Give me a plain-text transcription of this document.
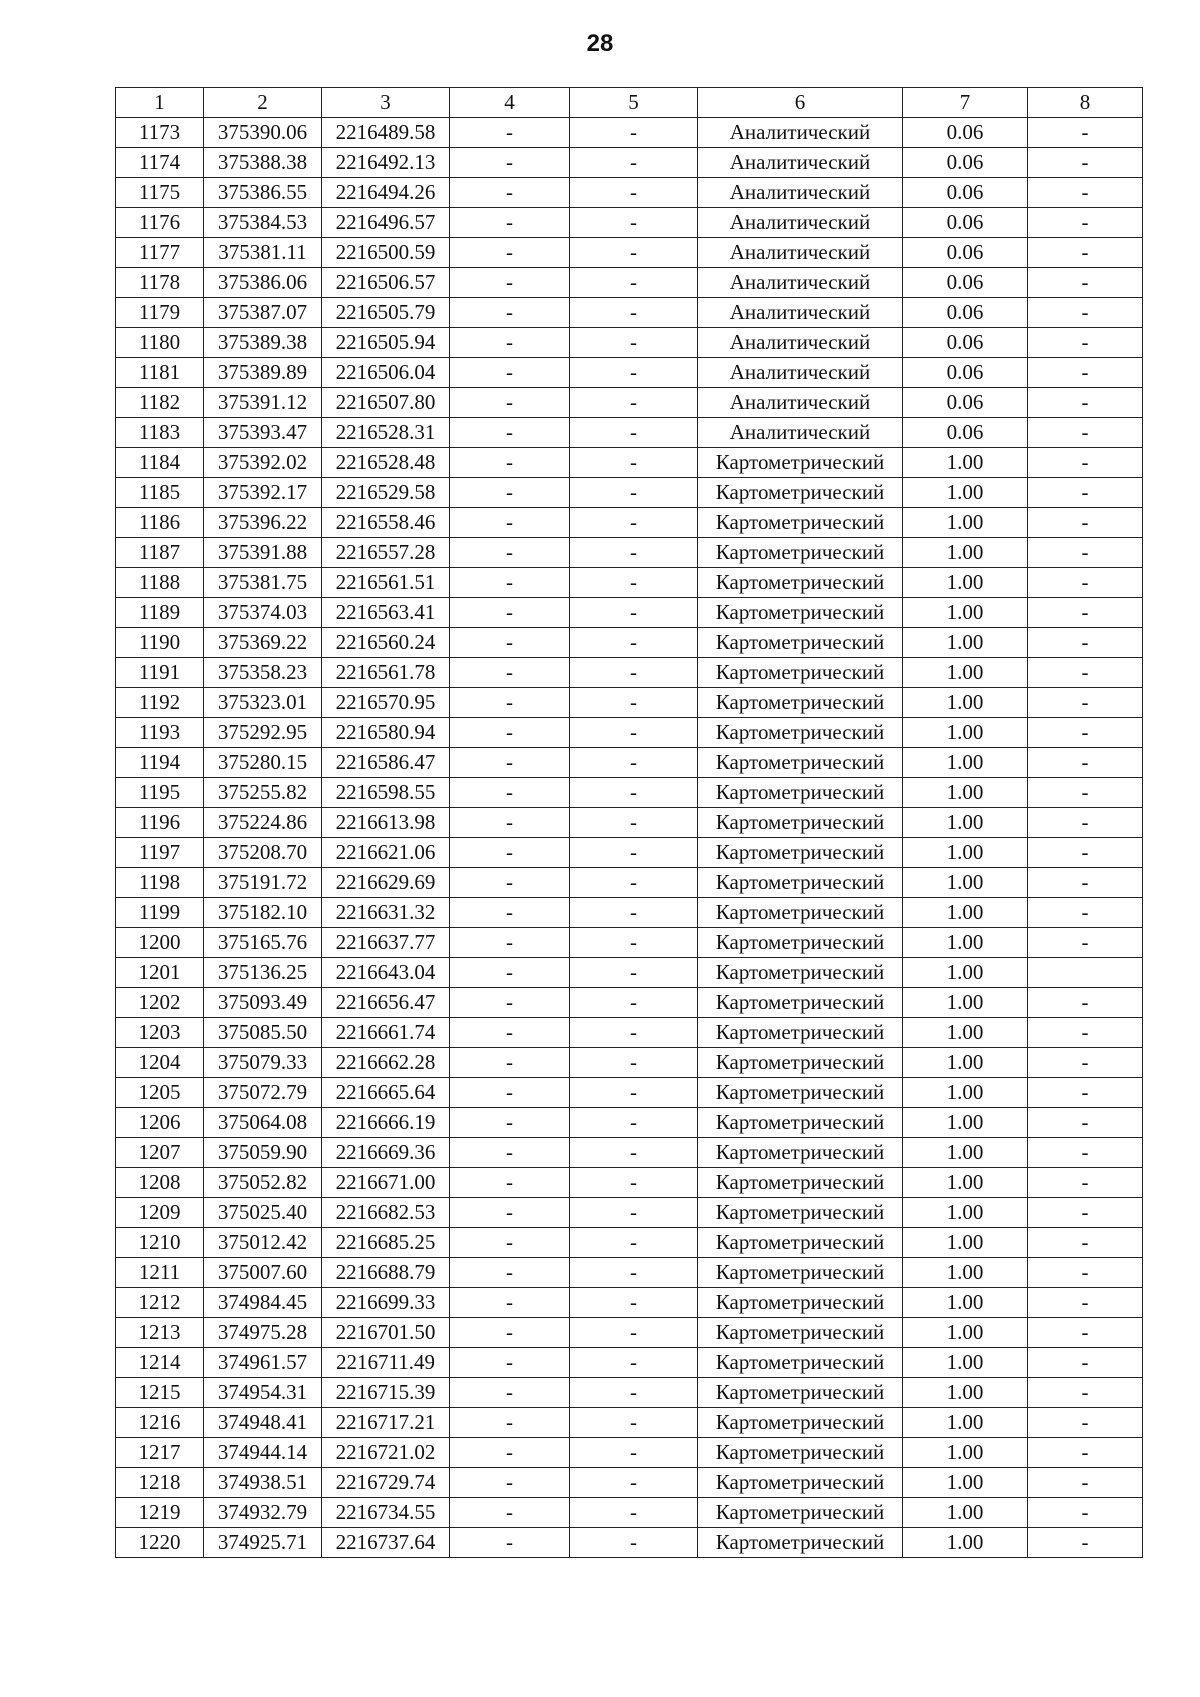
28
1	2	3	4	5	6	7	8
1173	375390.06	2216489.58	-	-	Аналитический	0.06	-
1174	375388.38	2216492.13	-	-	Аналитический	0.06	-
1175	375386.55	2216494.26	-	-	Аналитический	0.06	-
1176	375384.53	2216496.57	-	-	Аналитический	0.06	-
1177	375381.11	2216500.59	-	-	Аналитический	0.06	-
1178	375386.06	2216506.57	-	-	Аналитический	0.06	-
1179	375387.07	2216505.79	-	-	Аналитический	0.06	-
1180	375389.38	2216505.94	-	-	Аналитический	0.06	-
1181	375389.89	2216506.04	-	-	Аналитический	0.06	-
1182	375391.12	2216507.80	-	-	Аналитический	0.06	-
1183	375393.47	2216528.31	-	-	Аналитический	0.06	-
1184	375392.02	2216528.48	-	-	Картометрический	1.00	-
1185	375392.17	2216529.58	-	-	Картометрический	1.00	-
1186	375396.22	2216558.46	-	-	Картометрический	1.00	-
1187	375391.88	2216557.28	-	-	Картометрический	1.00	-
1188	375381.75	2216561.51	-	-	Картометрический	1.00	-
1189	375374.03	2216563.41	-	-	Картометрический	1.00	-
1190	375369.22	2216560.24	-	-	Картометрический	1.00	-
1191	375358.23	2216561.78	-	-	Картометрический	1.00	-
1192	375323.01	2216570.95	-	-	Картометрический	1.00	-
1193	375292.95	2216580.94	-	-	Картометрический	1.00	-
1194	375280.15	2216586.47	-	-	Картометрический	1.00	-
1195	375255.82	2216598.55	-	-	Картометрический	1.00	-
1196	375224.86	2216613.98	-	-	Картометрический	1.00	-
1197	375208.70	2216621.06	-	-	Картометрический	1.00	-
1198	375191.72	2216629.69	-	-	Картометрический	1.00	-
1199	375182.10	2216631.32	-	-	Картометрический	1.00	-
1200	375165.76	2216637.77	-	-	Картометрический	1.00	-
1201	375136.25	2216643.04	-	-	Картометрический	1.00	
1202	375093.49	2216656.47	-	-	Картометрический	1.00	-
1203	375085.50	2216661.74	-	-	Картометрический	1.00	-
1204	375079.33	2216662.28	-	-	Картометрический	1.00	-
1205	375072.79	2216665.64	-	-	Картометрический	1.00	-
1206	375064.08	2216666.19	-	-	Картометрический	1.00	-
1207	375059.90	2216669.36	-	-	Картометрический	1.00	-
1208	375052.82	2216671.00	-	-	Картометрический	1.00	-
1209	375025.40	2216682.53	-	-	Картометрический	1.00	-
1210	375012.42	2216685.25	-	-	Картометрический	1.00	-
1211	375007.60	2216688.79	-	-	Картометрический	1.00	-
1212	374984.45	2216699.33	-	-	Картометрический	1.00	-
1213	374975.28	2216701.50	-	-	Картометрический	1.00	-
1214	374961.57	2216711.49	-	-	Картометрический	1.00	-
1215	374954.31	2216715.39	-	-	Картометрический	1.00	-
1216	374948.41	2216717.21	-	-	Картометрический	1.00	-
1217	374944.14	2216721.02	-	-	Картометрический	1.00	-
1218	374938.51	2216729.74	-	-	Картометрический	1.00	-
1219	374932.79	2216734.55	-	-	Картометрический	1.00	-
1220	374925.71	2216737.64	-	-	Картометрический	1.00	-
